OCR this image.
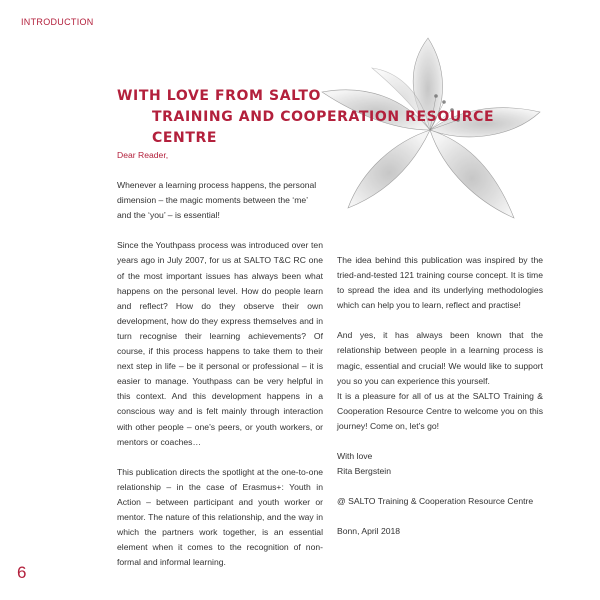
INTRODUCTION
WITH LOVE FROM SALTO
TRAINING AND COOPERATION RESOURCE CENTRE

Dear Reader,

Whenever a learning process happens, the personal dimension – the magic moments between the ‘me’ and the ‘you’ – is essential!

Since the Youthpass process was introduced over ten years ago in July 2007, for us at SALTO T&C RC one of the most important issues has always been what happens on the personal level. How do people learn and reflect? How do they observe their own development, how do they express themselves and in turn recognise their learning achievements? Of course, if this process happens to take them to their next step in life – be it personal or professional – it is easier to manage. Youthpass can be very helpful in this context. And this development happens in a conscious way and is felt mainly through interaction with other people – one’s peers, or youth workers, or mentors or coaches…

This publication directs the spotlight at the one-to-one relationship – in the case of Erasmus+: Youth in Action – between participant and youth worker or mentor. The nature of this relationship, and the way in which the partners work together, is an essential element when it comes to the recognition of non-formal and informal learning.

The idea behind this publication was inspired by the tried-and-tested 121 training course concept. It is time to spread the idea and its underlying methodologies which can help you to learn, reflect and practise!

And yes, it has always been known that the relationship between people in a learning process is magic, essential and crucial! We would like to support you so you can experience this yourself.

It is a pleasure for all of us at the SALTO Training & Cooperation Resource Centre to welcome you on this journey! Come on, let’s go!

With love
Rita Bergstein

@ SALTO Training & Cooperation Resource Centre

Bonn, April 2018

6
